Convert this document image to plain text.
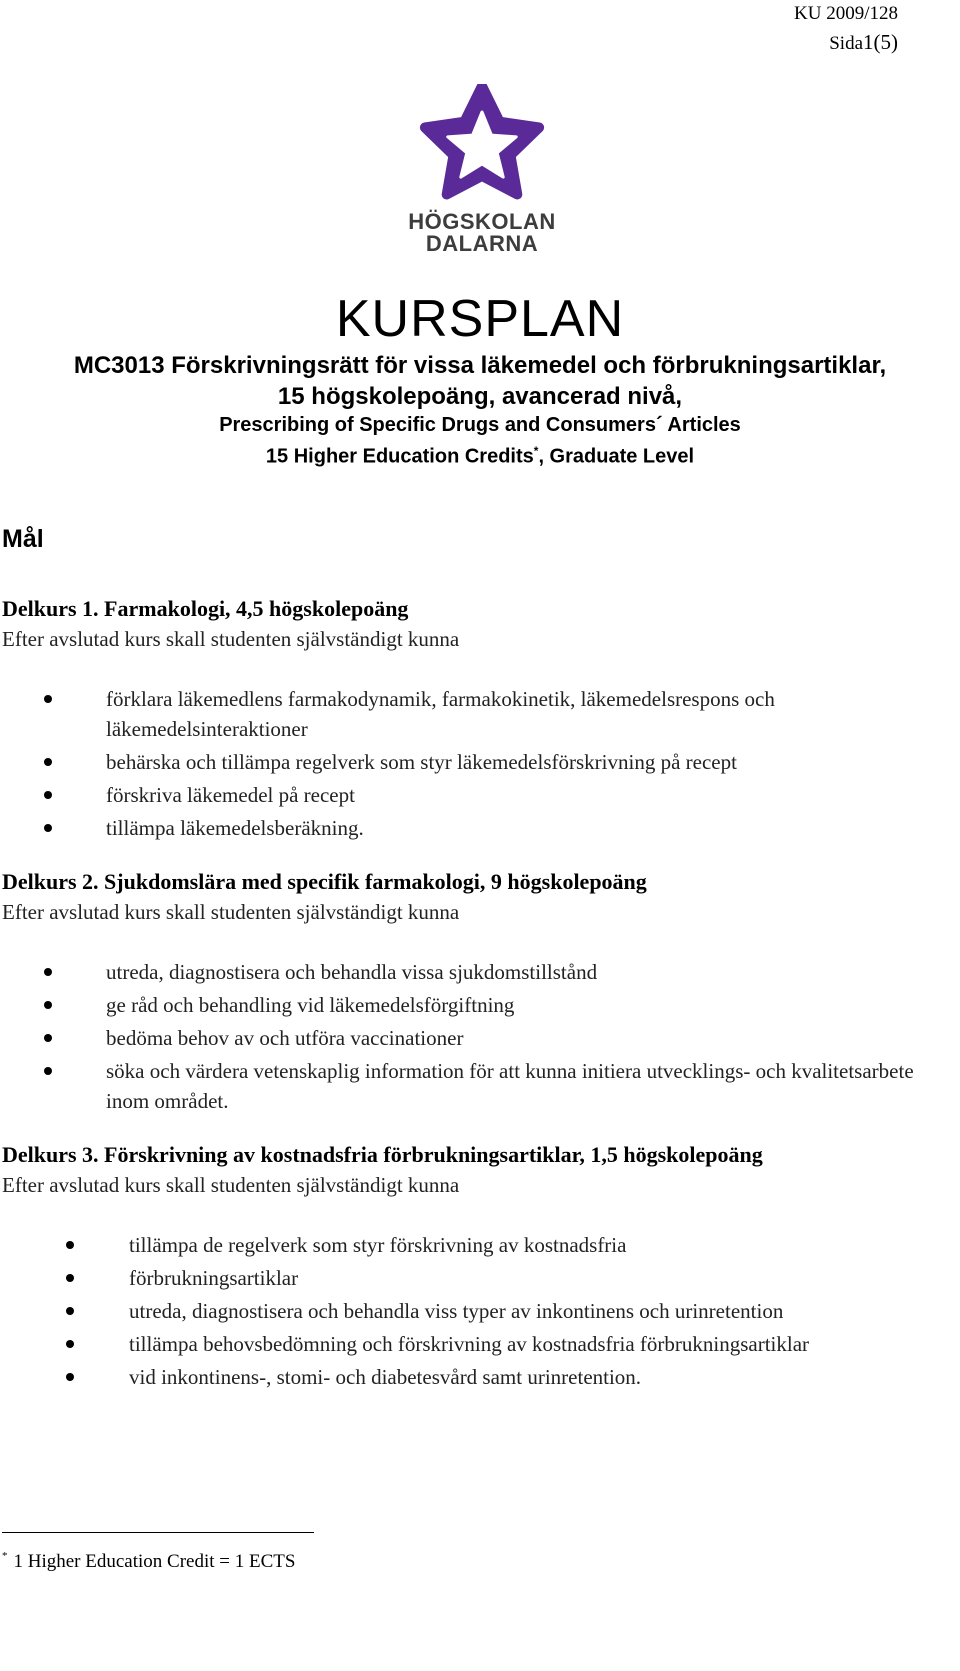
KU 2009/128
Sida1(5)
HÖGSKOLAN
DALARNA
KURSPLAN

MC3013 Förskrivningsrätt för vissa läkemedel och förbrukningsartiklar,

15 högskolepoäng, avancerad nivå,

Prescribing of Specific Drugs and Consumers´ Articles

15 Higher Education Credits*, Graduate Level

Mål

Delkurs 1. Farmakologi, 4,5 högskolepoäng

Efter avslutad kurs skall studenten självständigt kunna

förklara läkemedlens farmakodynamik, farmakokinetik, läkemedelsrespons och läkemedelsinteraktioner
behärska och tillämpa regelverk som styr läkemedelsförskrivning på recept
förskriva läkemedel på recept
tillämpa läkemedelsberäkning.

Delkurs 2. Sjukdomslära med specifik farmakologi, 9 högskolepoäng

Efter avslutad kurs skall studenten självständigt kunna

utreda, diagnostisera och behandla vissa sjukdomstillstånd
ge råd och behandling vid läkemedelsförgiftning
bedöma behov av och utföra vaccinationer
söka och värdera vetenskaplig information för att kunna initiera utvecklings- och kvalitetsarbete inom området.

Delkurs 3. Förskrivning av kostnadsfria förbrukningsartiklar, 1,5 högskolepoäng

Efter avslutad kurs skall studenten självständigt kunna

tillämpa de regelverk som styr förskrivning av kostnadsfria
förbrukningsartiklar
utreda, diagnostisera och behandla viss typer av inkontinens och urinretention
tillämpa behovsbedömning och förskrivning av kostnadsfria förbrukningsartiklar
vid inkontinens-, stomi- och diabetesvård samt urinretention.
* 1 Higher Education Credit = 1 ECTS
